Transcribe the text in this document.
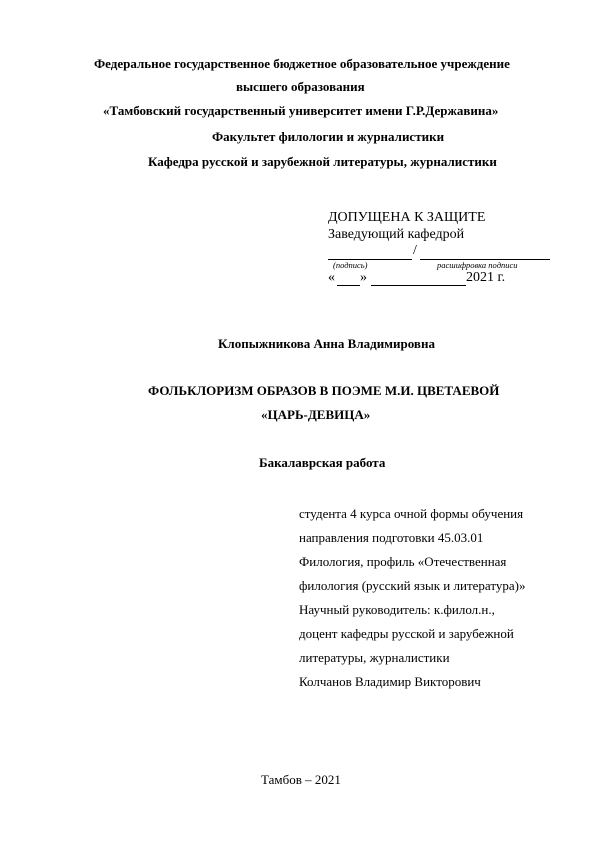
Федеральное государственное бюджетное образовательное учреждение
высшего образования
«Тамбовский государственный университет имени Г.Р.Державина»
Факультет филологии и журналистики
Кафедра русской и зарубежной литературы, журналистики
ДОПУЩЕНА К ЗАЩИТЕ
Заведующий кафедрой
/
(подпись)	расшифровка подписи
« »	2021 г.
Клопыжникова Анна Владимировна
ФОЛЬКЛОРИЗМ ОБРАЗОВ В ПОЭМЕ М.И. ЦВЕТАЕВОЙ
«ЦАРЬ-ДЕВИЦА»
Бакалаврская работа
студента 4 курса очной формы обучения
направления подготовки 45.03.01
Филология, профиль «Отечественная
филология (русский язык и литература)»
Научный руководитель: к.филол.н.,
доцент кафедры русской и зарубежной
литературы, журналистики
Колчанов Владимир Викторович
Тамбов – 2021
